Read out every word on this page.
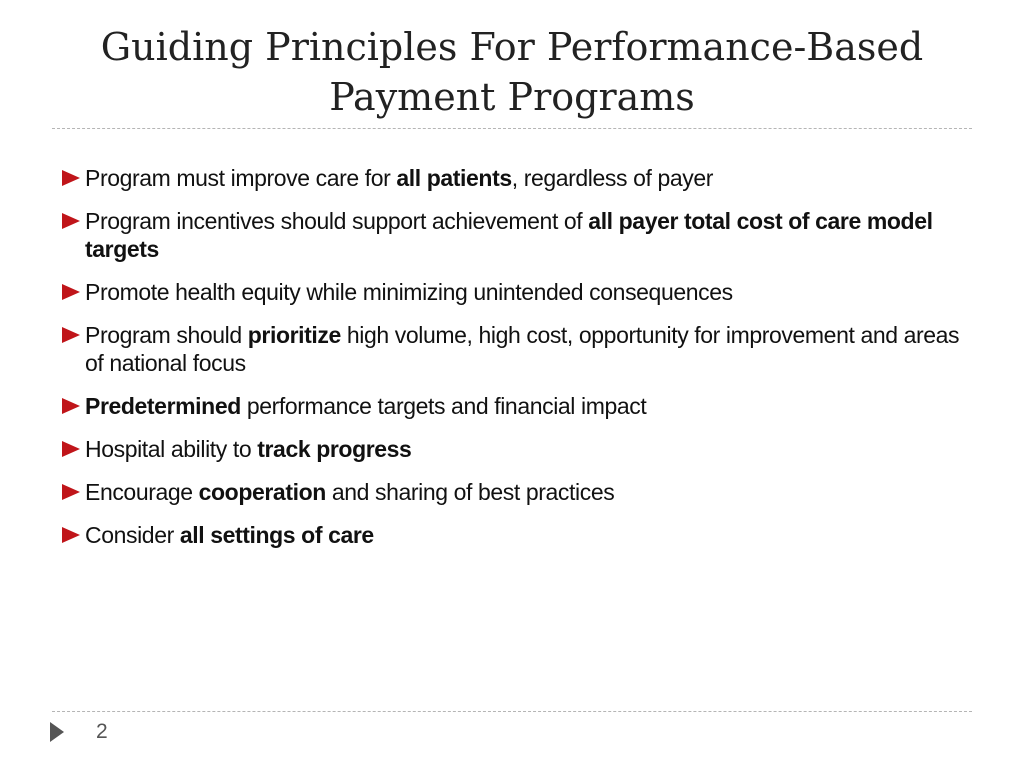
Guiding Principles For Performance-Based Payment Programs
Program must improve care for all patients, regardless of payer
Program incentives should support achievement of all payer total cost of care model targets
Promote health equity while minimizing unintended consequences
Program should prioritize high volume, high cost, opportunity for improvement and areas of national focus
Predetermined performance targets and financial impact
Hospital ability to track progress
Encourage cooperation and sharing of best practices
Consider all settings of care
2
